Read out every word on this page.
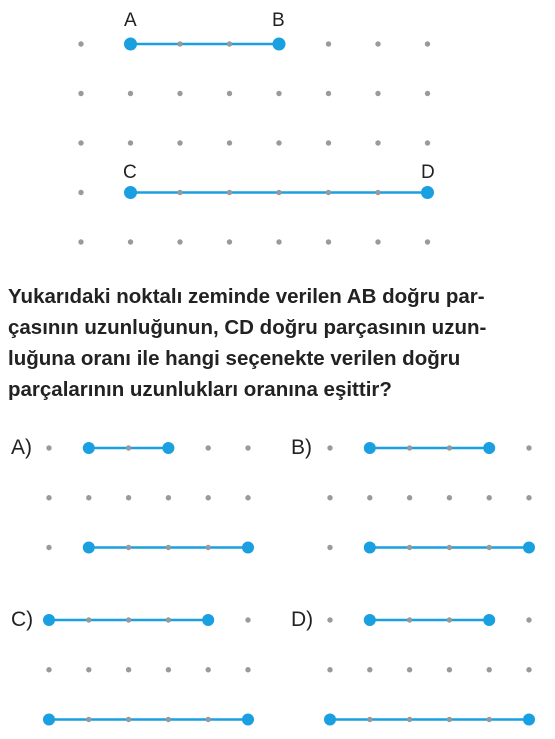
A	B
C	D
Yukarıdaki noktalı zeminde verilen AB doğru par-
çasının uzunluğunun, CD doğru parçasının uzun-
luğuna oranı ile hangi seçenekte verilen doğru
parçalarının uzunlukları oranına eşittir?
A)	B)
C)	D)
